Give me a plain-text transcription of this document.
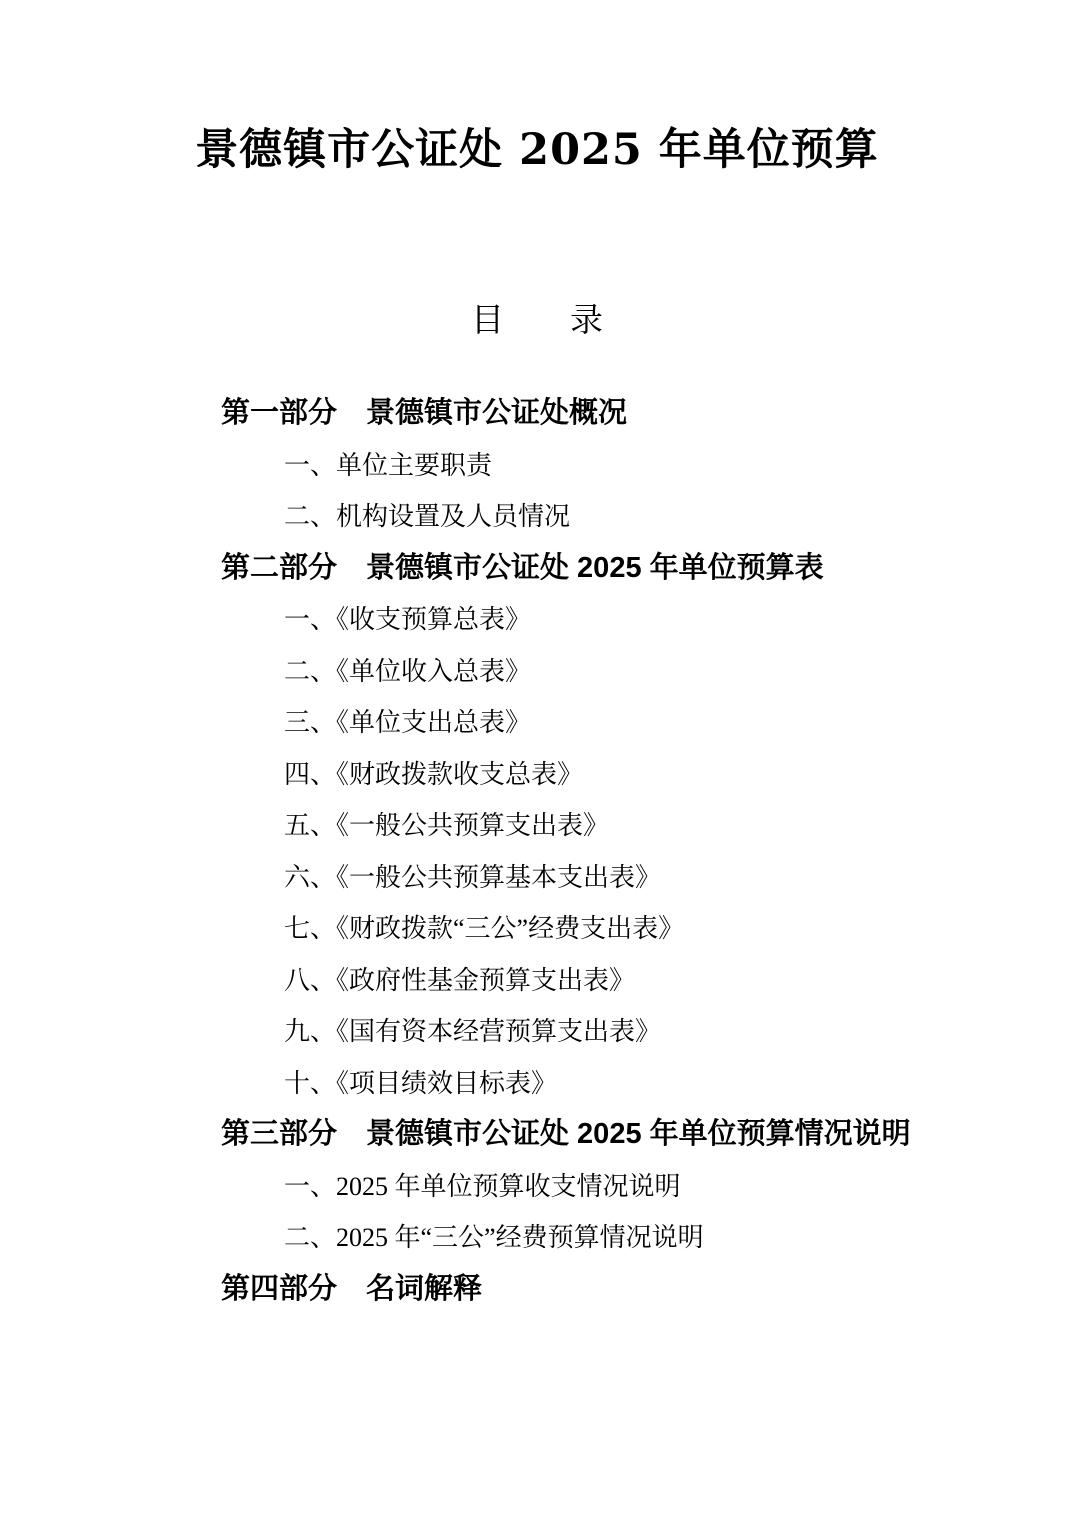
景德镇市公证处 2025 年单位预算
目　　录
第一部分　景德镇市公证处概况
一、单位主要职责
二、机构设置及人员情况
第二部分　景德镇市公证处 2025 年单位预算表
一、《收支预算总表》
二、《单位收入总表》
三、《单位支出总表》
四、《财政拨款收支总表》
五、《一般公共预算支出表》
六、《一般公共预算基本支出表》
七、《财政拨款“三公”经费支出表》
八、《政府性基金预算支出表》
九、《国有资本经营预算支出表》
十、《项目绩效目标表》
第三部分　景德镇市公证处 2025 年单位预算情况说明
一、2025 年单位预算收支情况说明
二、2025 年“三公”经费预算情况说明
第四部分　名词解释
